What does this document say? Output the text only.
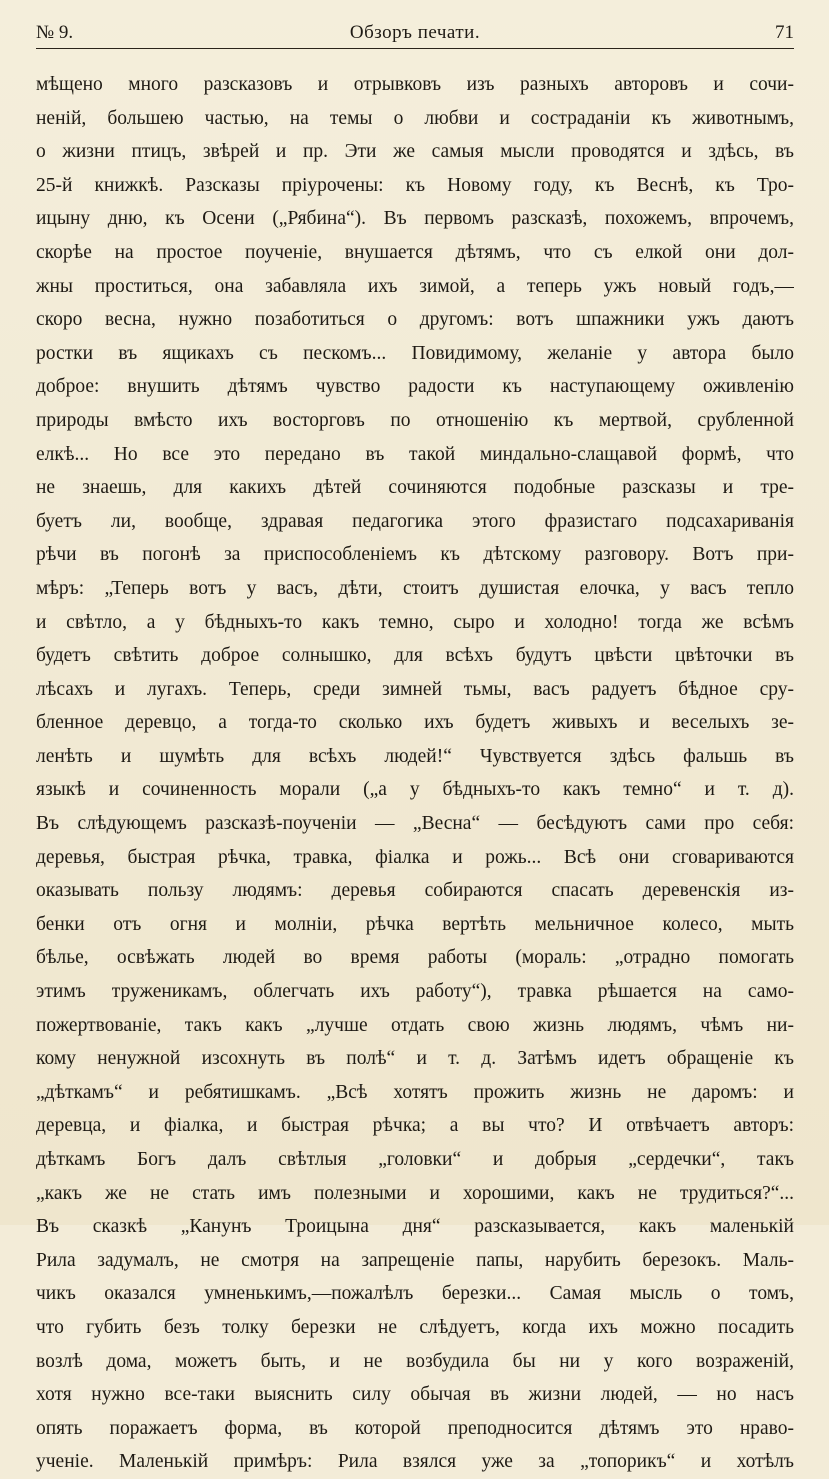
№ 9.	Обзоръ печати.	71
мѣщено много разсказовъ и отрывковъ изъ разныхъ авторовъ и сочи-
неній, большею частью, на темы о любви и состраданіи къ животнымъ,
о жизни птицъ, звѣрей и пр. Эти же самыя мысли проводятся и здѣсь, въ
25-й книжкѣ. Разсказы пріурочены: къ Новому году, къ Веснѣ, къ Тро-
ицыну дню, къ Осени („Рябина“). Въ первомъ разсказѣ, похожемъ, впрочемъ,
скорѣе на простое поученіе, внушается дѣтямъ, что съ елкой они дол-
жны проститься, она забавляла ихъ зимой, а теперь ужъ новый годъ,—
скоро весна, нужно позаботиться о другомъ: вотъ шпажники ужъ даютъ
ростки въ ящикахъ съ пескомъ... Повидимому, желаніе у автора было
доброе: внушить дѣтямъ чувство радости къ наступающему оживленію
природы вмѣсто ихъ восторговъ по отношенію къ мертвой, срубленной
елкѣ... Но все это передано въ такой миндально-слащавой формѣ, что
не знаешь, для какихъ дѣтей сочиняются подобные разсказы и тре-
буетъ ли, вообще, здравая педагогика этого фразистаго подсахариванія
рѣчи въ погонѣ за приспособленіемъ къ дѣтскому разговору. Вотъ при-
мѣръ: „Теперь вотъ у васъ, дѣти, стоитъ душистая елочка, у васъ тепло
и свѣтло, а у бѣдныхъ-то какъ темно, сыро и холодно! тогда же всѣмъ
будетъ свѣтить доброе солнышко, для всѣхъ будутъ цвѣсти цвѣточки въ
лѣсахъ и лугахъ. Теперь, среди зимней тьмы, васъ радуетъ бѣдное сру-
бленное деревцо, а тогда-то сколько ихъ будетъ живыхъ и веселыхъ зе-
ленѣть и шумѣть для всѣхъ людей!“ Чувствуется здѣсь фальшь въ
языкѣ и сочиненность морали („а у бѣдныхъ-то какъ темно“ и т. д).
Въ слѣдующемъ разсказѣ-поученіи — „Весна“ — бесѣдуютъ сами про себя:
деревья, быстрая рѣчка, травка, фіалка и рожь... Всѣ они сговариваются
оказывать пользу людямъ: деревья собираются спасать деревенскія из-
бенки отъ огня и молніи, рѣчка вертѣть мельничное колесо, мыть
бѣлье, освѣжать людей во время работы (мораль: „отрадно помогать
этимъ труженикамъ, облегчать ихъ работу“), травка рѣшается на само-
пожертвованіе, такъ какъ „лучше отдать свою жизнь людямъ, чѣмъ ни-
кому ненужной изсохнуть въ полѣ“ и т. д. Затѣмъ идетъ обращеніе къ
„дѣткамъ“ и ребятишкамъ. „Всѣ хотятъ прожить жизнь не даромъ: и
деревца, и фіалка, и быстрая рѣчка; а вы что? И отвѣчаетъ авторъ:
дѣткамъ Богъ далъ свѣтлыя „головки“ и добрыя „сердечки“, такъ
„какъ же не стать имъ полезными и хорошими, какъ не трудиться?“...
Въ сказкѣ „Канунъ Троицына дня“ разсказывается, какъ маленькій
Рила задумалъ, не смотря на запрещеніе папы, нарубить березокъ. Маль-
чикъ оказался умненькимъ,—пожалѣлъ березки... Самая мысль о томъ,
что губить безъ толку березки не слѣдуетъ, когда ихъ можно посадить
возлѣ дома, можетъ быть, и не возбудила бы ни у кого возраженій,
хотя нужно все-таки выяснить силу обычая въ жизни людей, — но насъ
опять поражаетъ форма, въ которой преподносится дѣтямъ это нраво-
ученіе. Маленькій примѣръ: Рила взялся уже за „топорикъ“ и хотѣлъ
